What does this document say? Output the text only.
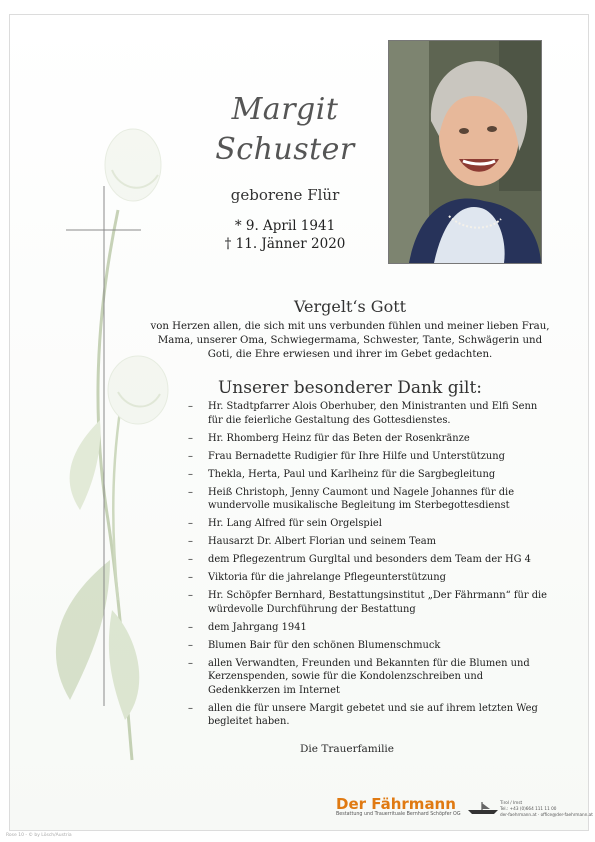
Margit
Schuster
geborene Flür
* 9. April 1941
† 11. Jänner 2020
Vergelt‘s Gott
von Herzen allen, die sich mit uns verbunden fühlen und meiner lieben Frau, Mama, unserer Oma, Schwiegermama, Schwester, Tante, Schwägerin und Goti, die Ehre erwiesen und ihrer im Gebet gedachten.
Unserer besonderer Dank gilt:
– Hr. Stadtpfarrer Alois Oberhuber, den Ministranten und Elfi Senn für die feierliche Gestaltung des Gottesdienstes.
– Hr. Rhomberg Heinz für das Beten der Rosenkränze
– Frau Bernadette Rudigier für Ihre Hilfe und Unterstützung
– Thekla, Herta, Paul und Karlheinz für die Sargbegleitung
– Heiß Christoph, Jenny Caumont und Nagele Johannes für die wundervolle musikalische Begleitung im Sterbegottesdienst
– Hr. Lang Alfred für sein Orgelspiel
– Hausarzt Dr. Albert Florian und seinem Team
– dem Pflegezentrum Gurgltal und besonders dem Team der HG 4
– Viktoria für die jahrelange Pflegeunterstützung
– Hr. Schöpfer Bernhard, Bestattungsinstitut „Der Fährmann“ für die würdevolle Durchführung der Bestattung
– dem Jahrgang 1941
– Blumen Bair für den schönen Blumenschmuck
– allen Verwandten, Freunden und Bekannten für die Blumen und Kerzenspenden, sowie für die Kondolenzschreiben und Gedenkkerzen im Internet
– allen die für unsere Margit gebetet und sie auf ihrem letzten Weg begleitet haben.
Die Trauerfamilie
Der Fährmann
Bestattung und Trauerrituale Bernhard Schöpfer OG
Tirol / Imst
Tel.: +43 (0)664 111 11 00
der-faehrmann.at · office@der-faehrmann.at
Rose 10 - © by Lösch/Austria
